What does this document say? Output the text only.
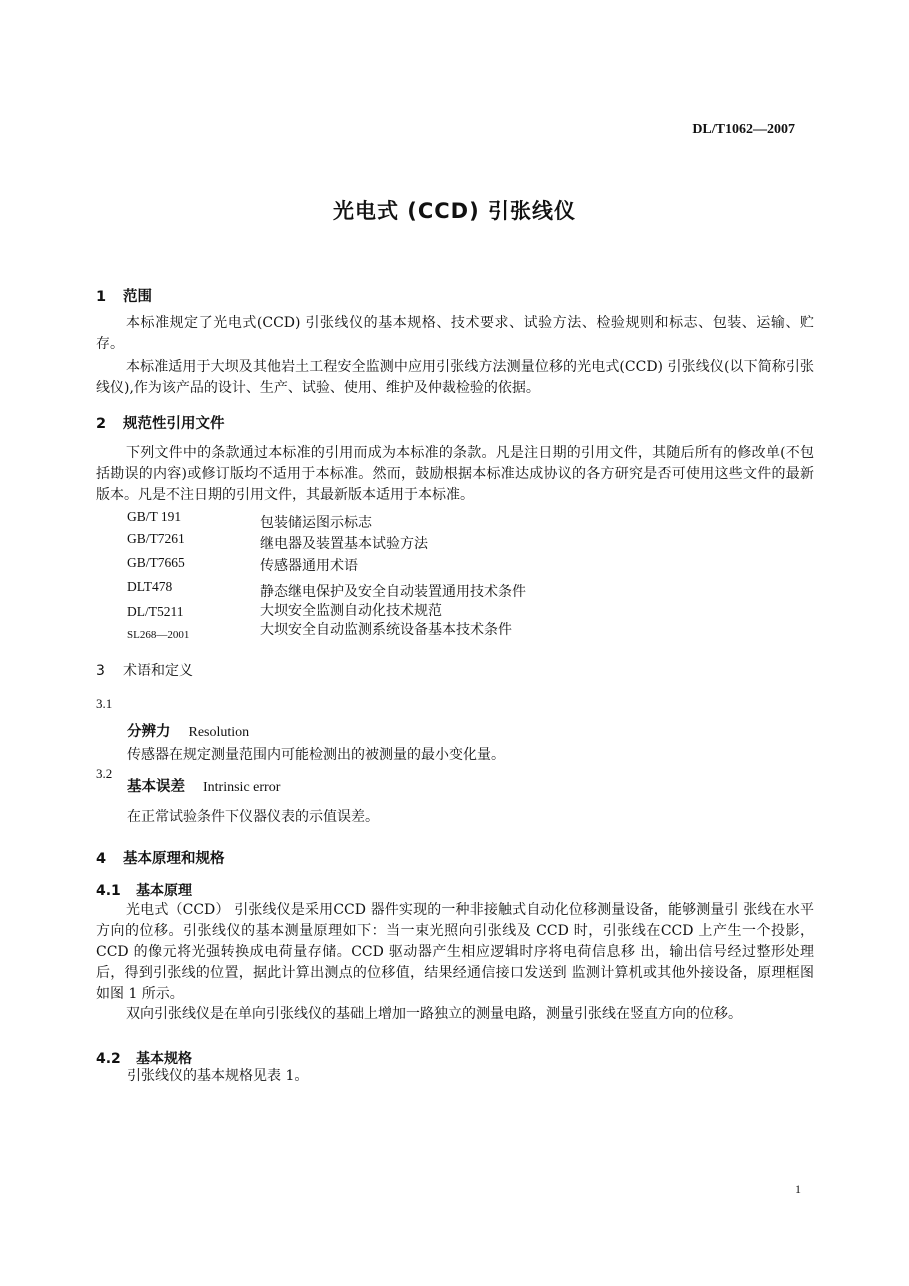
DL/T1062—2007
光电式 (CCD) 引张线仪
1 范围
本标准规定了光电式(CCD) 引张线仪的基本规格、技术要求、试验方法、检验规则和标志、包装、运输、贮存。
本标准适用于大坝及其他岩土工程安全监测中应用引张线方法测量位移的光电式(CCD) 引张线仪(以下简称引张线仪),作为该产品的设计、生产、试验、使用、维护及仲裁检验的依据。
2 规范性引用文件
下列文件中的条款通过本标准的引用而成为本标准的条款。凡是注日期的引用文件，其随后所有的修改单(不包括勘误的内容)或修订版均不适用于本标准。然而，鼓励根据本标准达成协议的各方研究是否可使用这些文件的最新版本。凡是不注日期的引用文件，其最新版本适用于本标准。
GB/T 191	包装储运图示标志
GB/T7261	继电器及装置基本试验方法
GB/T7665	传感器通用术语
DLT478	静态继电保护及安全自动装置通用技术条件
DL/T5211	大坝安全监测自动化技术规范
SL268—2001	大坝安全自动监测系统设备基本技术条件
3 术语和定义
3.1
分辨力 Resolution
传感器在规定测量范围内可能检测出的被测量的最小变化量。
3.2
基本误差 Intrinsic error
在正常试验条件下仪器仪表的示值误差。
4 基本原理和规格
4.1 基本原理
光电式（CCD） 引张线仪是采用CCD 器件实现的一种非接触式自动化位移测量设备，能够测量引 张线在水平方向的位移。引张线仪的基本测量原理如下：当一束光照向引张线及 CCD 时，引张线在CCD 上产生一个投影，CCD 的像元将光强转换成电荷量存储。CCD 驱动器产生相应逻辑时序将电荷信息移 出，输出信号经过整形处理后，得到引张线的位置，据此计算出测点的位移值，结果经通信接口发送到 监测计算机或其他外接设备，原理框图如图 1 所示。
双向引张线仪是在单向引张线仪的基础上增加一路独立的测量电路，测量引张线在竖直方向的位移。
4.2 基本规格
引张线仪的基本规格见表 1。
1
